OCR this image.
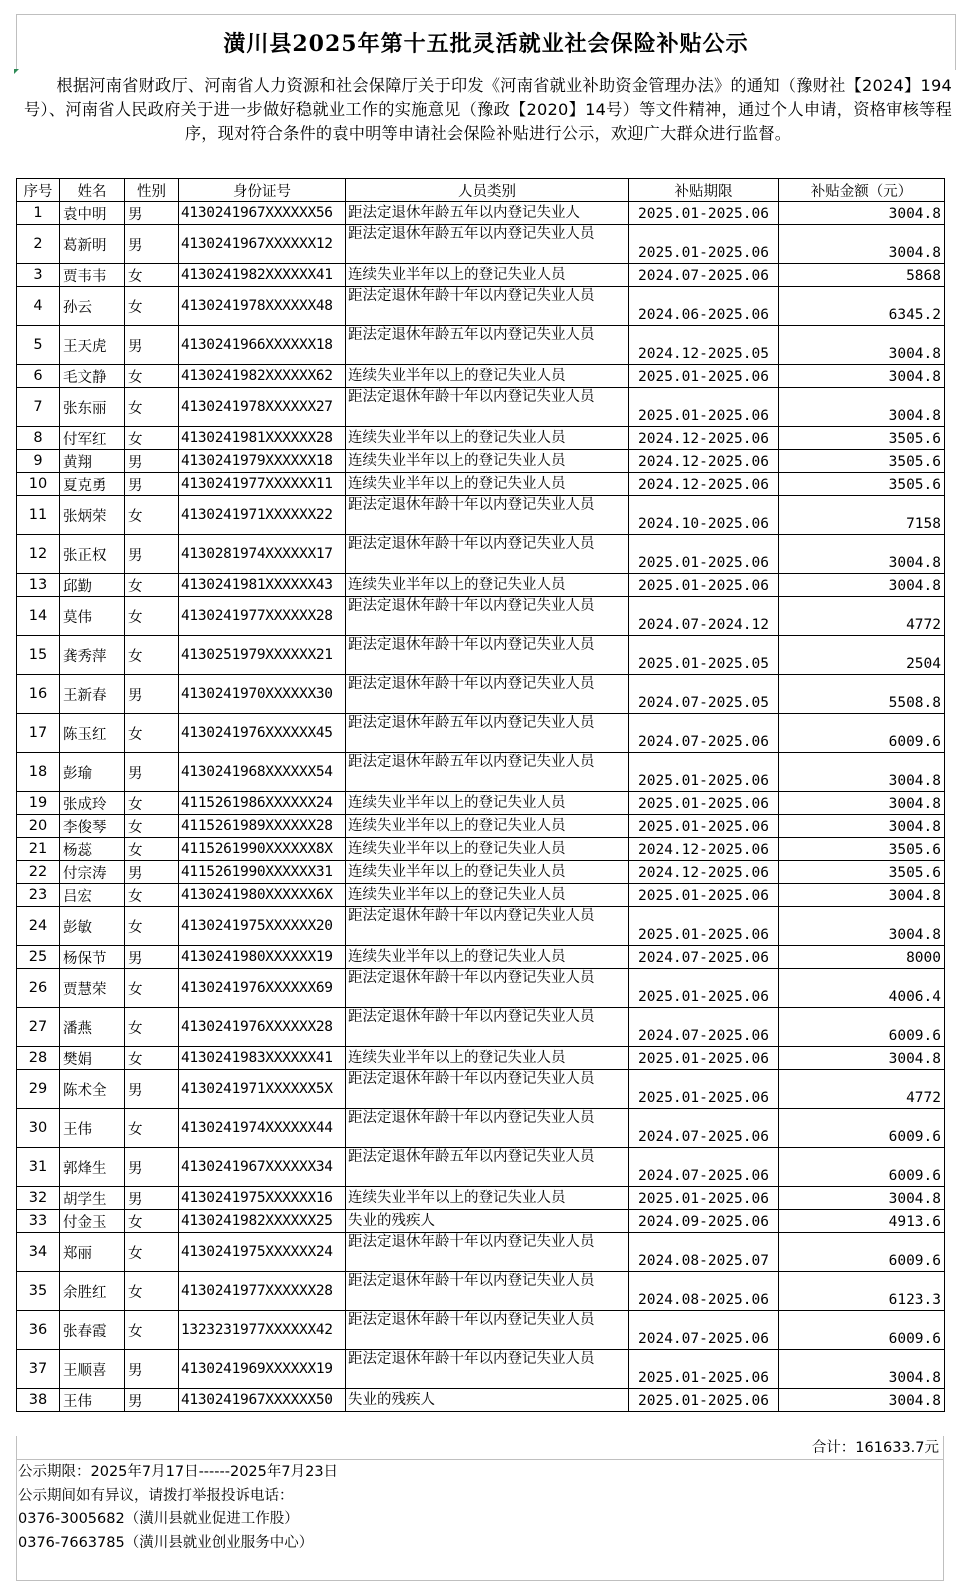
潢川县2025年第十五批灵活就业社会保险补贴公示
根据河南省财政厅、河南省人力资源和社会保障厅关于印发《河南省就业补助资金管理办法》的通知（豫财社【2024】194号）、河南省人民政府关于进一步做好稳就业工作的实施意见（豫政【2020】14号）等文件精神，通过个人申请，资格审核等程序，现对符合条件的袁中明等申请社会保险补贴进行公示，欢迎广大群众进行监督。
序号	姓名	性别	身份证号	人员类别	补贴期限	补贴金额（元）
1	袁中明	男	4130241967XXXXXX56	距法定退休年龄五年以内登记失业人	2025.01-2025.06	3004.8
2	葛新明	男	4130241967XXXXXX12	距法定退休年龄五年以内登记失业人员	2025.01-2025.06	3004.8
3	贾韦韦	女	4130241982XXXXXX41	连续失业半年以上的登记失业人员	2024.07-2025.06	5868
4	孙云	女	4130241978XXXXXX48	距法定退休年龄十年以内登记失业人员	2024.06-2025.06	6345.2
5	王天虎	男	4130241966XXXXXX18	距法定退休年龄五年以内登记失业人员	2024.12-2025.05	3004.8
6	毛文静	女	4130241982XXXXXX62	连续失业半年以上的登记失业人员	2025.01-2025.06	3004.8
7	张东丽	女	4130241978XXXXXX27	距法定退休年龄十年以内登记失业人员	2025.01-2025.06	3004.8
8	付军红	女	4130241981XXXXXX28	连续失业半年以上的登记失业人员	2024.12-2025.06	3505.6
9	黄翔	男	4130241979XXXXXX18	连续失业半年以上的登记失业人员	2024.12-2025.06	3505.6
10	夏克勇	男	4130241977XXXXXX11	连续失业半年以上的登记失业人员	2024.12-2025.06	3505.6
11	张炳荣	女	4130241971XXXXXX22	距法定退休年龄十年以内登记失业人员	2024.10-2025.06	7158
12	张正权	男	4130281974XXXXXX17	距法定退休年龄十年以内登记失业人员	2025.01-2025.06	3004.8
13	邱勤	女	4130241981XXXXXX43	连续失业半年以上的登记失业人员	2025.01-2025.06	3004.8
14	莫伟	女	4130241977XXXXXX28	距法定退休年龄十年以内登记失业人员	2024.07-2024.12	4772
15	龚秀萍	女	4130251979XXXXXX21	距法定退休年龄十年以内登记失业人员	2025.01-2025.05	2504
16	王新春	男	4130241970XXXXXX30	距法定退休年龄十年以内登记失业人员	2024.07-2025.05	5508.8
17	陈玉红	女	4130241976XXXXXX45	距法定退休年龄五年以内登记失业人员	2024.07-2025.06	6009.6
18	彭瑜	男	4130241968XXXXXX54	距法定退休年龄五年以内登记失业人员	2025.01-2025.06	3004.8
19	张成玲	女	4115261986XXXXXX24	连续失业半年以上的登记失业人员	2025.01-2025.06	3004.8
20	李俊琴	女	4115261989XXXXXX28	连续失业半年以上的登记失业人员	2025.01-2025.06	3004.8
21	杨蕊	女	4115261990XXXXXX8X	连续失业半年以上的登记失业人员	2024.12-2025.06	3505.6
22	付宗涛	男	4115261990XXXXXX31	连续失业半年以上的登记失业人员	2024.12-2025.06	3505.6
23	吕宏	女	4130241980XXXXXX6X	连续失业半年以上的登记失业人员	2025.01-2025.06	3004.8
24	彭敏	女	4130241975XXXXXX20	距法定退休年龄十年以内登记失业人员	2025.01-2025.06	3004.8
25	杨保节	男	4130241980XXXXXX19	连续失业半年以上的登记失业人员	2024.07-2025.06	8000
26	贾慧荣	女	4130241976XXXXXX69	距法定退休年龄十年以内登记失业人员	2025.01-2025.06	4006.4
27	潘燕	女	4130241976XXXXXX28	距法定退休年龄十年以内登记失业人员	2024.07-2025.06	6009.6
28	樊娟	女	4130241983XXXXXX41	连续失业半年以上的登记失业人员	2025.01-2025.06	3004.8
29	陈术全	男	4130241971XXXXXX5X	距法定退休年龄十年以内登记失业人员	2025.01-2025.06	4772
30	王伟	女	4130241974XXXXXX44	距法定退休年龄十年以内登记失业人员	2024.07-2025.06	6009.6
31	郭烽生	男	4130241967XXXXXX34	距法定退休年龄五年以内登记失业人员	2024.07-2025.06	6009.6
32	胡学生	男	4130241975XXXXXX16	连续失业半年以上的登记失业人员	2025.01-2025.06	3004.8
33	付金玉	女	4130241982XXXXXX25	失业的残疾人	2024.09-2025.06	4913.6
34	郑丽	女	4130241975XXXXXX24	距法定退休年龄十年以内登记失业人员	2024.08-2025.07	6009.6
35	余胜红	女	4130241977XXXXXX28	距法定退休年龄十年以内登记失业人员	2024.08-2025.06	6123.3
36	张春霞	女	1323231977XXXXXX42	距法定退休年龄十年以内登记失业人员	2024.07-2025.06	6009.6
37	王顺喜	男	4130241969XXXXXX19	距法定退休年龄十年以内登记失业人员	2025.01-2025.06	3004.8
38	王伟	男	4130241967XXXXXX50	失业的残疾人	2025.01-2025.06	3004.8
合计：161633.7元
公示期限：2025年7月17日------2025年7月23日
公示期间如有异议，请拨打举报投诉电话：
0376-3005682（潢川县就业促进工作股）
0376-7663785（潢川县就业创业服务中心）
